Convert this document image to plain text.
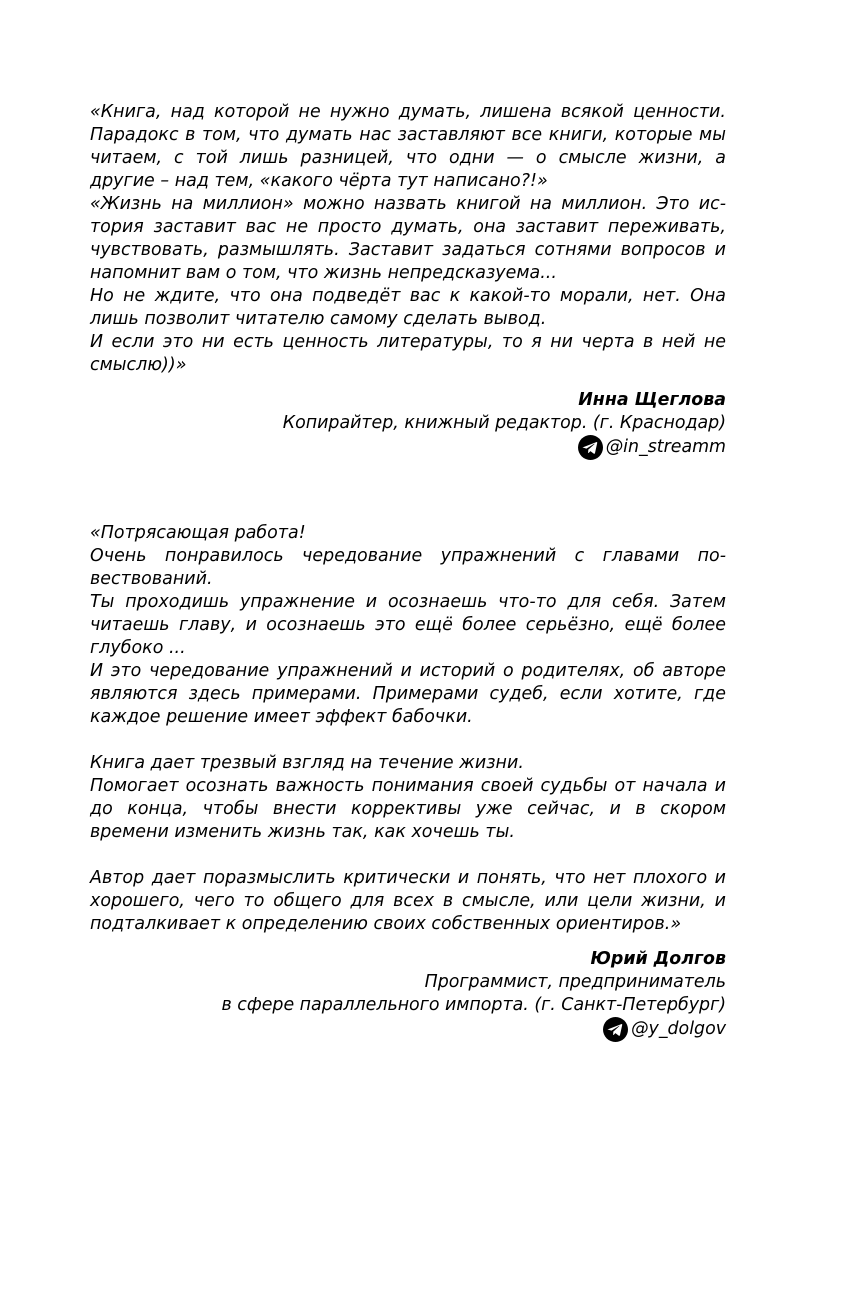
«Книга, над которой не нужно думать, лишена всякой ценности. Парадокс в том, что думать нас заставляют все книги, которые мы читаем, с той лишь разницей, что одни — о смысле жизни, а другие – над тем, «какого чёрта тут написано?!»

«Жизнь на миллион» можно назвать книгой на миллион. Это история заставит вас не просто думать, она заставит переживать, чувствовать, размышлять. Заставит задаться сотнями вопросов и напомнит вам о том, что жизнь непредсказуема...

Но не ждите, что она подведёт вас к какой-то морали, нет. Она лишь позволит читателю самому сделать вывод.

И если это ни есть ценность литературы, то я ни черта в ней не смыслю))»

Инна Щеглова
Копирайтер, книжный редактор. (г. Краснодар)
@in_streamm

«Потрясающая работа!

Очень понравилось чередование упражнений с главами повествований.

Ты проходишь упражнение и осознаешь что-то для себя. Затем читаешь главу, и осознаешь это ещё более серьёзно, ещё более глубоко ...

И это чередование упражнений и историй о родителях, об авторе являются здесь примерами. Примерами судеб, если хотите, где каждое решение имеет эффект бабочки.

Книга дает трезвый взгляд на течение жизни.

Помогает осознать важность понимания своей судьбы от начала и до конца, чтобы внести коррективы уже сейчас, и в скором времени изменить жизнь так, как хочешь ты.

Автор дает поразмыслить критически и понять, что нет плохого и хорошего, чего то общего для всех в смысле, или цели жизни, и подталкивает к определению своих собственных ориентиров.»

Юрий Долгов
Программист, предприниматель
в сфере параллельного импорта. (г. Санкт-Петербург)
@y_dolgov
